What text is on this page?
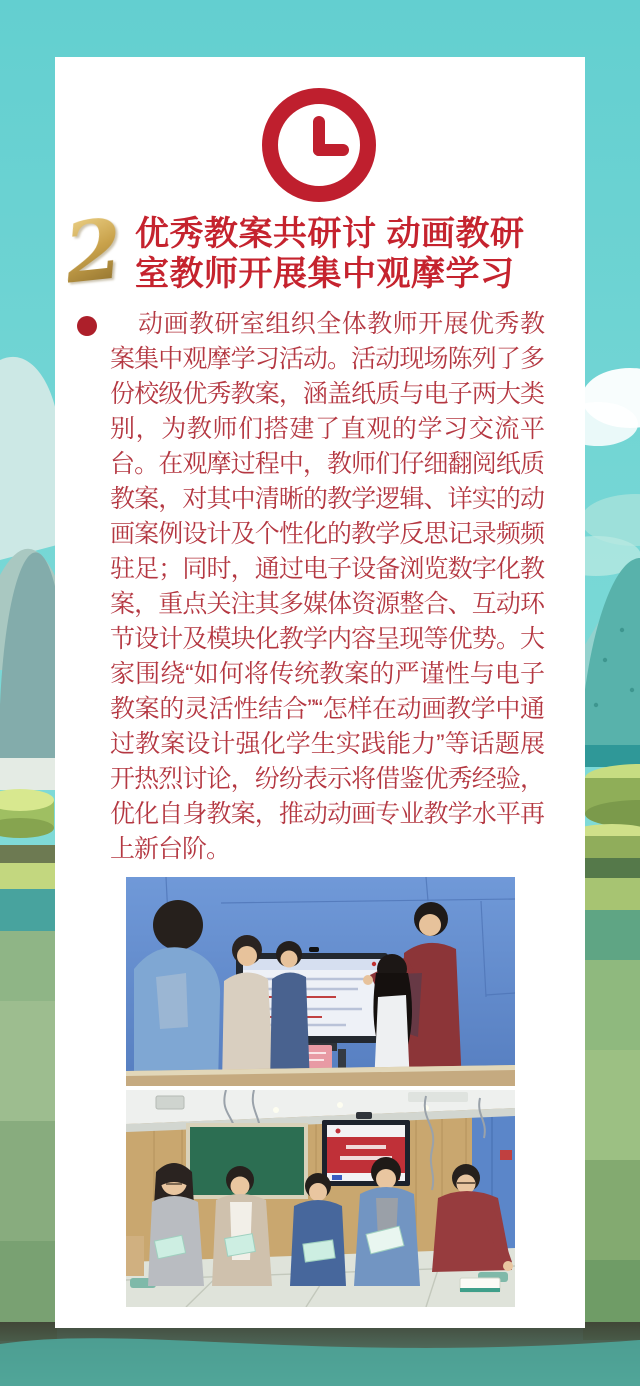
2 优秀教案共研讨 动画教研
室教师开展集中观摩学习

动画教研室组织全体教师开展优秀教案集中观摩学习活动。活动现场陈列了多份校级优秀教案，涵盖纸质与电子两大类别，为教师们搭建了直观的学习交流平台。在观摩过程中，教师们仔细翻阅纸质教案，对其中清晰的教学逻辑、详实的动画案例设计及个性化的教学反思记录频频驻足；同时，通过电子设备浏览数字化教案，重点关注其多媒体资源整合、互动环节设计及模块化教学内容呈现等优势。大家围绕“如何将传统教案的严谨性与电子教案的灵活性结合”“怎样在动画教学中通过教案设计强化学生实践能力”等话题展开热烈讨论，纷纷表示将借鉴优秀经验，优化自身教案，推动动画专业教学水平再上新台阶。
